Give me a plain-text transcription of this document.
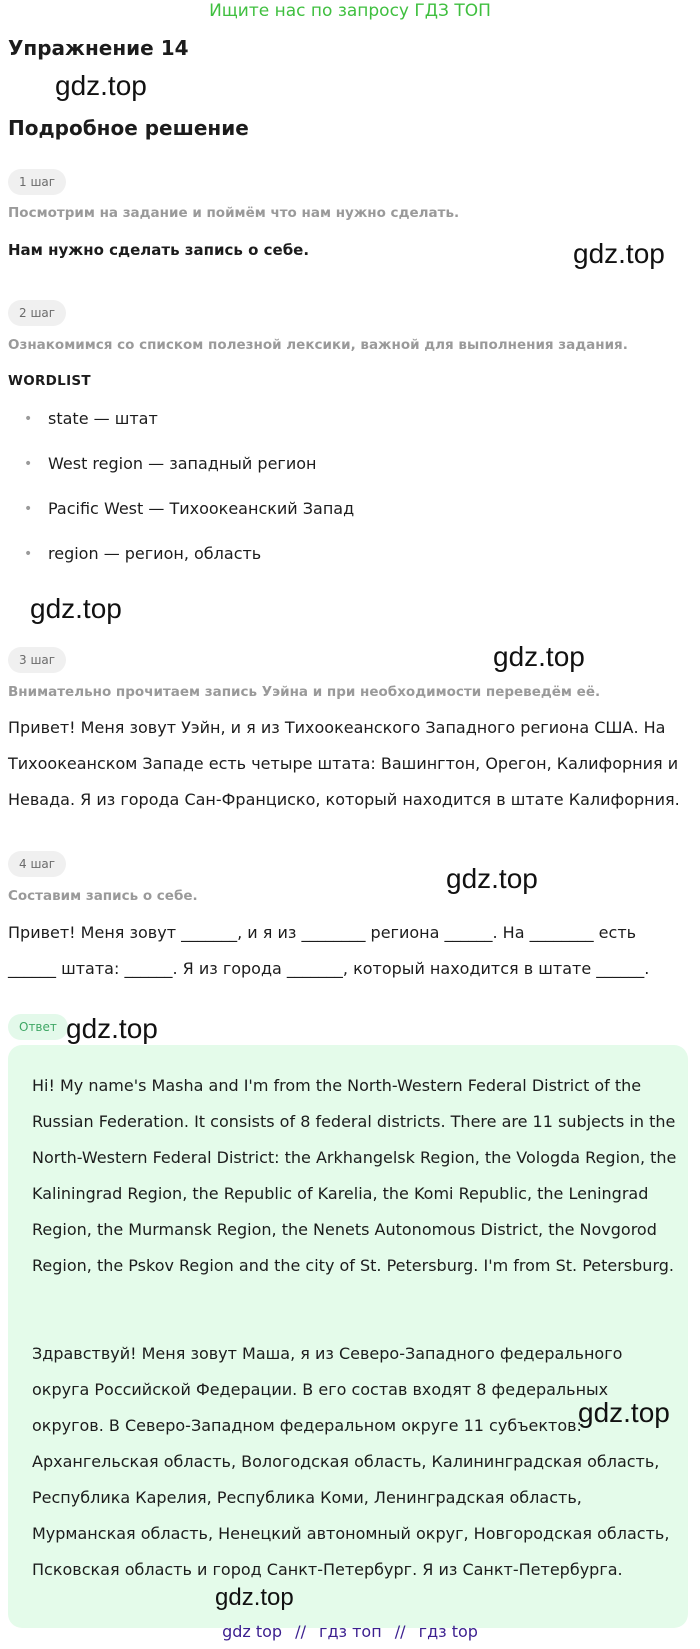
Ищите нас по запросу ГДЗ ТОП
Упражнение 14
gdz.top
Подробное решение
1 шаг
Посмотрим на задание и поймём что нам нужно сделать.
Нам нужно сделать запись о себе.	gdz.top
2 шаг
Ознакомимся со списком полезной лексики, важной для выполнения задания.
WORDLIST
• state — штат
• West region — западный регион
• Pacific West — Тихоокеанский Запад
• region — регион, область
gdz.top
gdz.top
3 шаг
Внимательно прочитаем запись Уэйна и при необходимости переведём её.
Привет! Меня зовут Уэйн, и я из Тихоокеанского Западного региона США. На Тихоокеанском Западе есть четыре штата: Вашингтон, Орегон, Калифорния и Невада. Я из города Сан-Франциско, который находится в штате Калифорния.
4 шаг	gdz.top
Составим запись о себе.
Привет! Меня зовут _______, и я из ________ региона ______. На ________ есть ______ штата: ______. Я из города _______, который находится в штате ______.
Ответ gdz.top
Hi! My name's Masha and I'm from the North-Western Federal District of the Russian Federation. It consists of 8 federal districts. There are 11 subjects in the North-Western Federal District: the Arkhangelsk Region, the Vologda Region, the Kaliningrad Region, the Republic of Karelia, the Komi Republic, the Leningrad Region, the Murmansk Region, the Nenets Autonomous District, the Novgorod Region, the Pskov Region and the city of St. Petersburg. I'm from St. Petersburg.
Здравствуй! Меня зовут Маша, я из Северо-Западного федерального округа Российской Федерации. В его состав входят 8 федеральных округов. В Северо-Западном федеральном округе 11 субъектов: Архангельская область, Вологодская область, Калининградская область, Республика Карелия, Республика Коми, Ленинградская область, Мурманская область, Ненецкий автономный округ, Новгородская область, Псковская область и город Санкт-Петербург. Я из Санкт-Петербурга.
gdz.top
gdz.top
gdz top // гдз топ // гдз top
